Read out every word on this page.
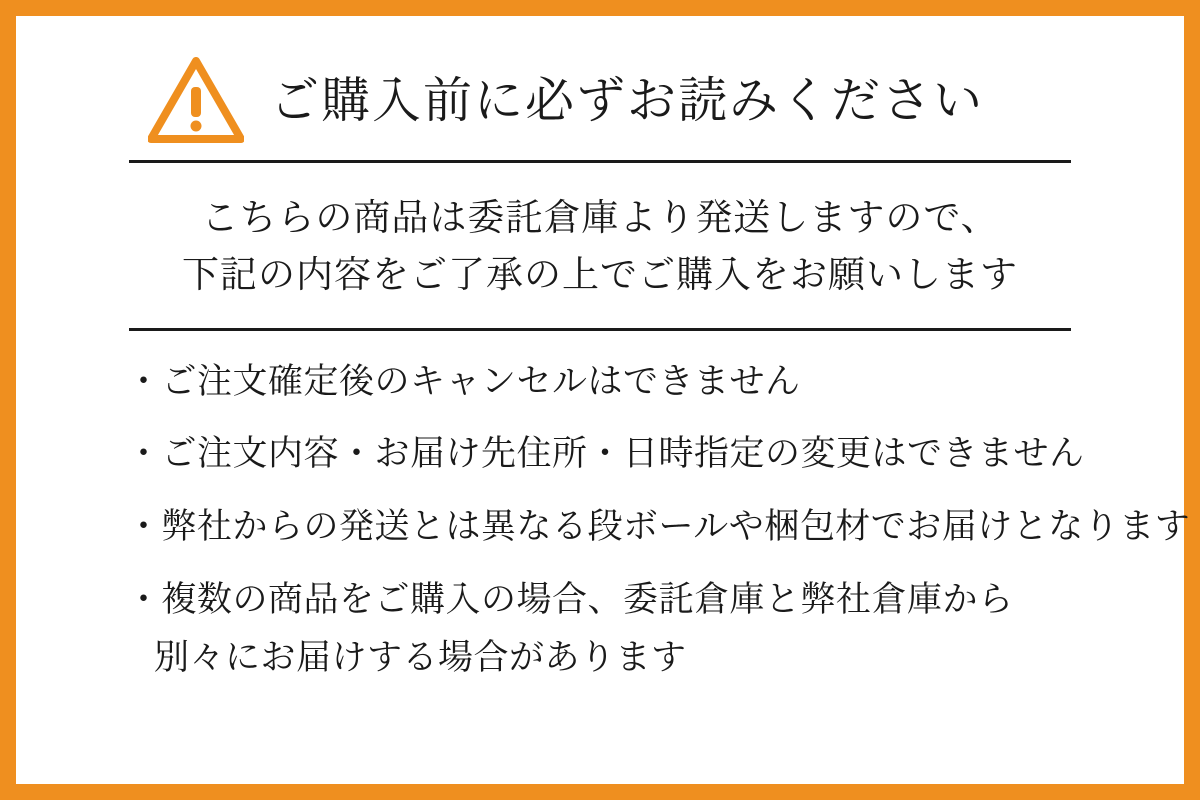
ご購入前に必ずお読みください
こちらの商品は委託倉庫より発送しますので、
下記の内容をご了承の上でご購入をお願いします
・ご注文確定後のキャンセルはできません
・ご注文内容・お届け先住所・日時指定の変更はできません
・弊社からの発送とは異なる段ボールや梱包材でお届けとなります
・複数の商品をご購入の場合、委託倉庫と弊社倉庫から
別々にお届けする場合があります
